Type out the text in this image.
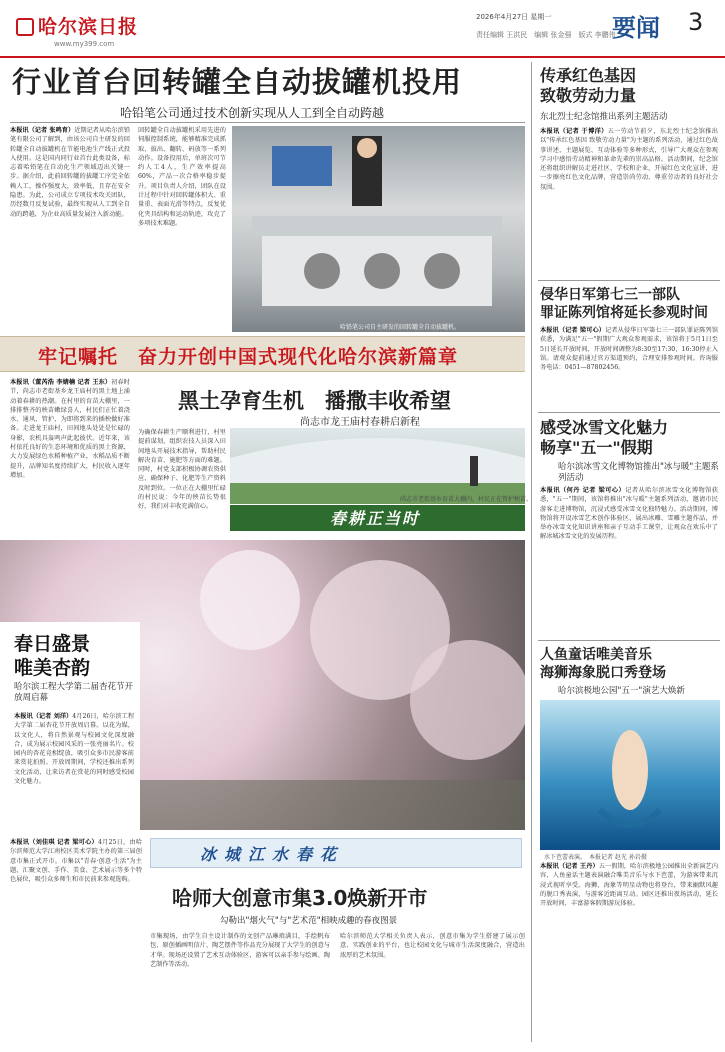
哈尔滨日报
www.my399.com
2026年4月27日 星期一
责任编辑 王洪民　编辑 张金强　版式 李鹏伟
要闻 3
行业首台回转罐全自动拔罐机投用
哈铅笔公司通过技术创新实现从人工到全自动跨越
本报讯（记者 张鸣育）近期记者从哈尔滨铅笔有限公司了解到，由该公司自主研发的回转罐全自动拔罐机在节能电池生产线正式投入使用。这是国内同行业首台此类设备，标志着哈铅笔在自动化生产领域迈出关键一步。据介绍，此前回转罐的拔罐工序完全依赖人工，操作强度大，效率低，且存在安全隐患。为此，公司成立专项技术攻关团队，历经数月反复试验，最终实现从人工到全自动的跨越，为企业高质量发展注入新动能。
回转罐全自动拔罐机采用先进的伺服控制系统，能够精准完成抓取、拔出、翻转、码放等一系列动作。设备投用后，单班次可节约人工4人，生产效率提高60%，产品一次合格率稳步提升。项目负责人介绍，团队在设计过程中针对回转罐体积大、重量重、表面光滑等特点，反复优化夹具结构和运动轨迹，攻克了多项技术难题。
哈铅笔公司自主研发的回转罐全自动拔罐机。
传承红色基因
致敬劳动力量
东北烈士纪念馆推出系列主题活动
本报讯（记者 于博洋）五一劳动节前夕，东北烈士纪念馆推出以"传承红色基因 致敬劳动力量"为主题的系列活动，通过红色故事讲述、主题展览、互动体验等多种形式，引导广大观众在参观学习中感悟劳动精神和革命先辈的崇高品格。活动期间，纪念馆还将组织讲解员走进社区、学校和企业，开展红色文化宣讲，进一步擦亮红色文化品牌，营造崇尚劳动、尊重劳动者的良好社会氛围。
侵华日军第七三一部队
罪证陈列馆将延长参观时间
本报讯（记者 梁可心）记者从侵华日军第七三一部队罪证陈列馆获悉，为满足"五一"假期广大观众参观需求，该馆将于5月1日至5日延长开放时间，开放时间调整为8:30至17:30，16:30停止入馆。请观众提前通过官方渠道预约，合理安排参观时间。咨询服务电话：0451—87802456。
牢记嘱托　奋力开创中国式现代化哈尔滨新篇章
黑土孕育生机　播撒丰收希望
尚志市龙王庙村春耕启新程
本报讯（董芮浩 李婧楠 记者 王东）初春时节，尚志市老街基乡龙王庙村的黑土地上涌动着春耕的热潮。在村里的育苗大棚里，一排排整齐的秧苗嫩绿喜人，村民们正忙着浇水、通风、管护，为即将到来的插秧做好准备。走进龙王庙村，田间地头处处是忙碌的身影，农机具轰鸣声此起彼伏。近年来，该村依托良好的生态环境和优质的黑土资源，大力发展绿色水稻种植产业，水稻品质不断提升，品牌知名度持续扩大，村民收入逐年增加。
为确保春耕生产顺利进行，村里提前谋划，组织农技人员深入田间地头开展技术指导，帮助村民解决育苗、施肥等方面的难题。同时，村党支部积极协调农资供应，确保种子、化肥等生产资料及时到位。一位正在大棚里忙碌的村民说：今年的秧苗长势很好，我们对丰收充满信心。
尚志市老街基乡育苗大棚内，村民正在管护秧苗。
春耕正当时
感受冰雪文化魅力
畅享"五一"假期
哈尔滨冰雪文化博物馆推出"冰与暖"主题系列活动
本报讯（何丹 记者 梁可心）记者从哈尔滨冰雪文化博物馆获悉，"五一"期间，该馆将推出"冰与暖"主题系列活动，邀请市民游客走进博物馆，沉浸式感受冰雪文化独特魅力。活动期间，博物馆将开设冰雪艺术创作体验区，展出冰雕、雪雕主题作品，并举办冰雪文化知识讲座和亲子互动手工课堂，让观众在欢乐中了解冰城冰雪文化的发展历程。
春日盛景
唯美杏韵
哈尔滨工程大学第二届杏花节开放周启幕
本报讯（记者 刘洋）4月26日，哈尔滨工程大学第二届杏花节开放周启幕。以花为媒，以文化人，将自然景观与校园文化深度融合，成为展示校园风采的一张亮丽名片。校园内的杏花竞相绽放，吸引众多市民游客前来赏花拍照。开放周期间，学校还推出系列文化活动，让来访者在赏花的同时感受校园文化魅力。
图为人们在校园里欣赏杏花。
冰城江水春花
人鱼童话唯美音乐
海狮海象脱口秀登场
哈尔滨极地公园"五一"演艺大焕新
水下芭蕾表演。　本报记者 赵光 孙岩摄
本报讯（记者 王丹）五一假期，哈尔滨极地公园推出全新演艺内容，人鱼童话主题表演融合唯美音乐与水下芭蕾，为游客带来沉浸式视听享受。海狮、海象等明星动物也将登台，带来幽默风趣的脱口秀表演，与游客近距离互动。园区还推出夜场活动，延长开放时间，丰富游客假期游玩体验。
本报讯（刘佳琪 记者 梁可心）4月25日，由哈尔滨师范大学江南校区美术学院主办的第三届创意市集正式开市。市集以"青春·创意·生活"为主题，汇聚文创、手作、美食、艺术展示等多个特色展位，吸引众多师生和市民前来参观选购。
哈师大创意市集3.0焕新开市
勾勒出"烟火气"与"艺术范"相映成趣的春夜图景
市集现场，由学生自主设计制作的文创产品琳琅满目，手绘帆布包、原创插画明信片、陶艺摆件等作品充分展现了大学生的创意与才华。现场还设置了艺术互动体验区，游客可以亲手参与绘画、陶艺制作等活动。
哈尔滨师范大学相关负责人表示，创意市集为学生搭建了展示创意、实践创业的平台，也让校园文化与城市生活深度融合，营造出浓厚的艺术氛围。
